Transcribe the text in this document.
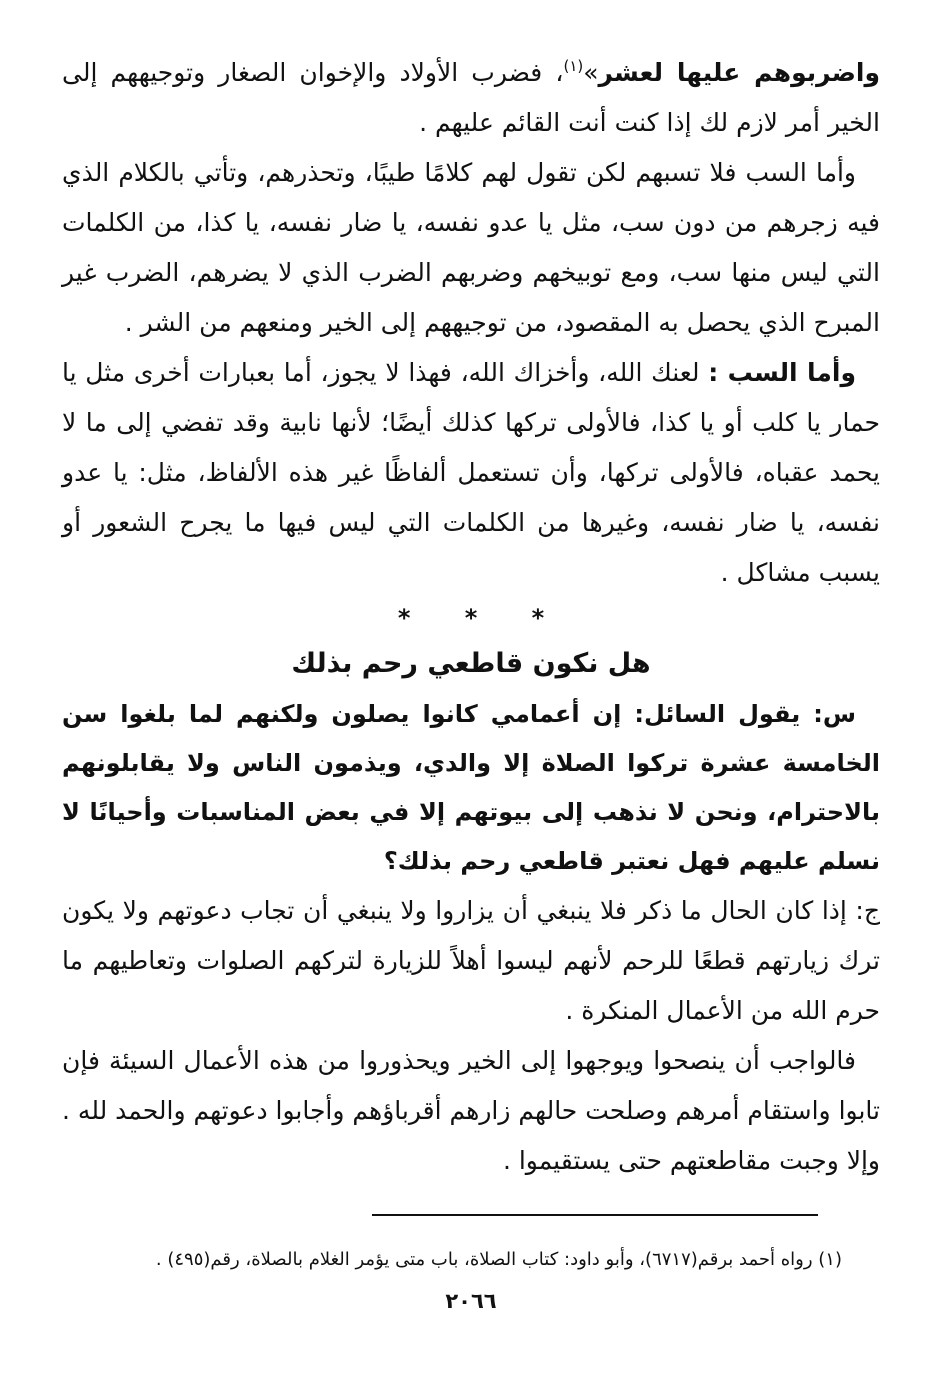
واضربوهم عليها لعشر»$^{(١)}$، فضرب الأولاد والإخوان الصغار وتوجيههم إلى الخير أمر لازم لك إذا كنت أنت القائم عليهم .

وأما السب فلا تسبهم لكن تقول لهم كلامًا طيبًا، وتحذرهم، وتأتي بالكلام الذي فيه زجرهم من دون سب، مثل يا عدو نفسه، يا ضار نفسه، يا كذا، من الكلمات التي ليس منها سب، ومع توبيخهم وضربهم الضرب الذي لا يضرهم، الضرب غير المبرح الذي يحصل به المقصود، من توجيههم إلى الخير ومنعهم من الشر .

وأما السب : لعنك الله، وأخزاك الله، فهذا لا يجوز، أما بعبارات أخرى مثل يا حمار يا كلب أو يا كذا، فالأولى تركها كذلك أيضًا؛ لأنها نابية وقد تفضي إلى ما لا يحمد عقباه، فالأولى تركها، وأن تستعمل ألفاظًا غير هذه الألفاظ، مثل: يا عدو نفسه، يا ضار نفسه، وغيرها من الكلمات التي ليس فيها ما يجرح الشعور أو يسبب مشاكل .

* * *
هل نكون قاطعي رحم بذلك

س: يقول السائل: إن أعمامي كانوا يصلون ولكنهم لما بلغوا سن الخامسة عشرة تركوا الصلاة إلا والدي، ويذمون الناس ولا يقابلونهم بالاحترام، ونحن لا نذهب إلى بيوتهم إلا في بعض المناسبات وأحيانًا لا نسلم عليهم فهل نعتبر قاطعي رحم بذلك؟

ج: إذا كان الحال ما ذكر فلا ينبغي أن يزاروا ولا ينبغي أن تجاب دعوتهم ولا يكون ترك زيارتهم قطعًا للرحم لأنهم ليسوا أهلاً للزيارة لتركهم الصلوات وتعاطيهم ما حرم الله من الأعمال المنكرة .

فالواجب أن ينصحوا ويوجهوا إلى الخير ويحذوروا من هذه الأعمال السيئة فإن تابوا واستقام أمرهم وصلحت حالهم زارهم أقرباؤهم وأجابوا دعوتهم والحمد لله . وإلا وجبت مقاطعتهم حتى يستقيموا .

(١) رواه أحمد برقم(٦٧١٧)، وأبو داود: كتاب الصلاة، باب متى يؤمر الغلام بالصلاة، رقم(٤٩٥) .
٢٠٦٦
